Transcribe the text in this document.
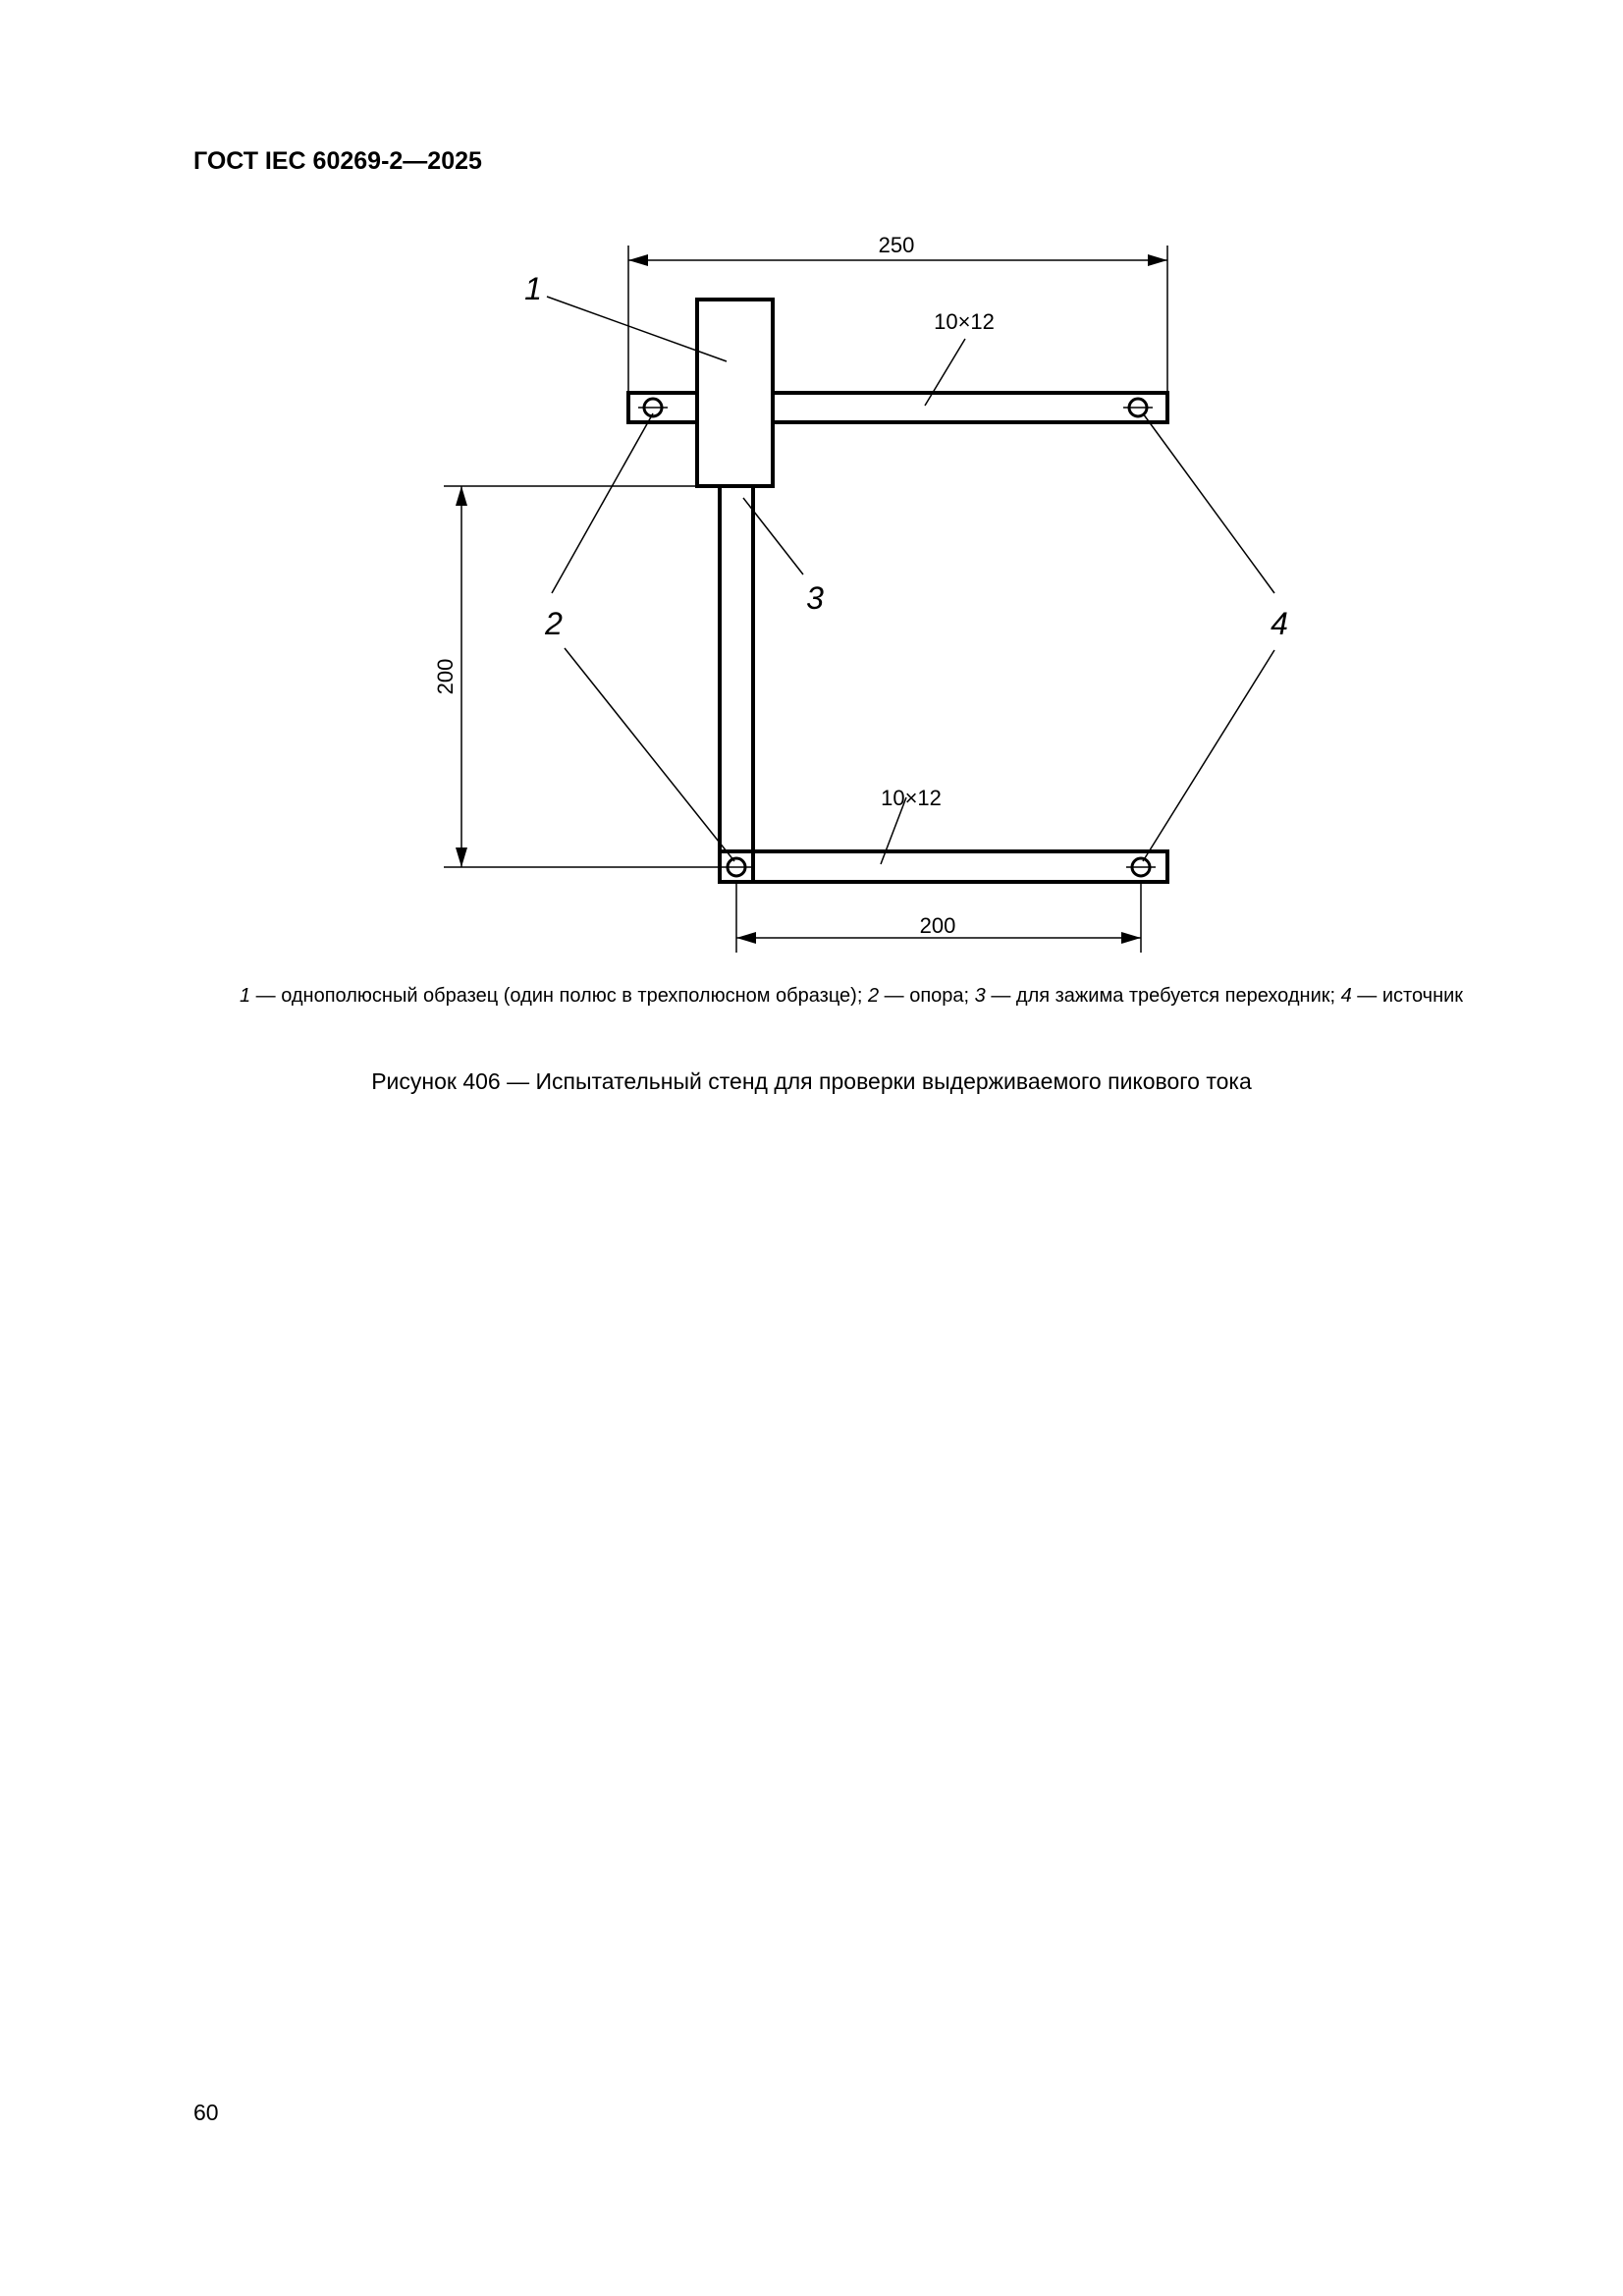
ГОСТ IEC 60269-2—2025
250
10×12
10×12
200
200
1
2
3
4
1 — однополюсный образец (один полюс в трехполюсном образце); 2 — опора; 3 — для зажима требуется переходник; 4 — источник
Рисунок 406 — Испытательный стенд для проверки выдерживаемого пикового тока
60
